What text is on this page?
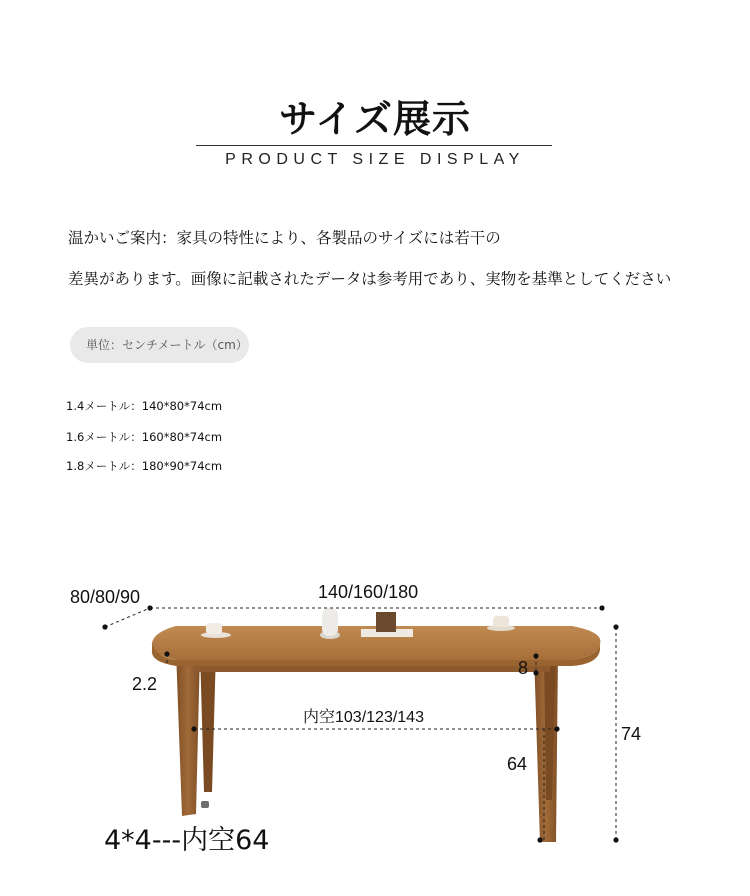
サイズ展示
PRODUCT SIZE DISPLAY
温かいご案内：家具の特性により、各製品のサイズには若干の
差異があります。画像に記載されたデータは参考用であり、実物を基準としてください
単位：センチメートル（cm）
1.4メートル：140*80*74cm
1.6メートル：160*80*74cm
1.8メートル：180*90*74cm
80/80/90	140/160/180
2.2
8
内空103/123/143
64
74
4*4---内空64
